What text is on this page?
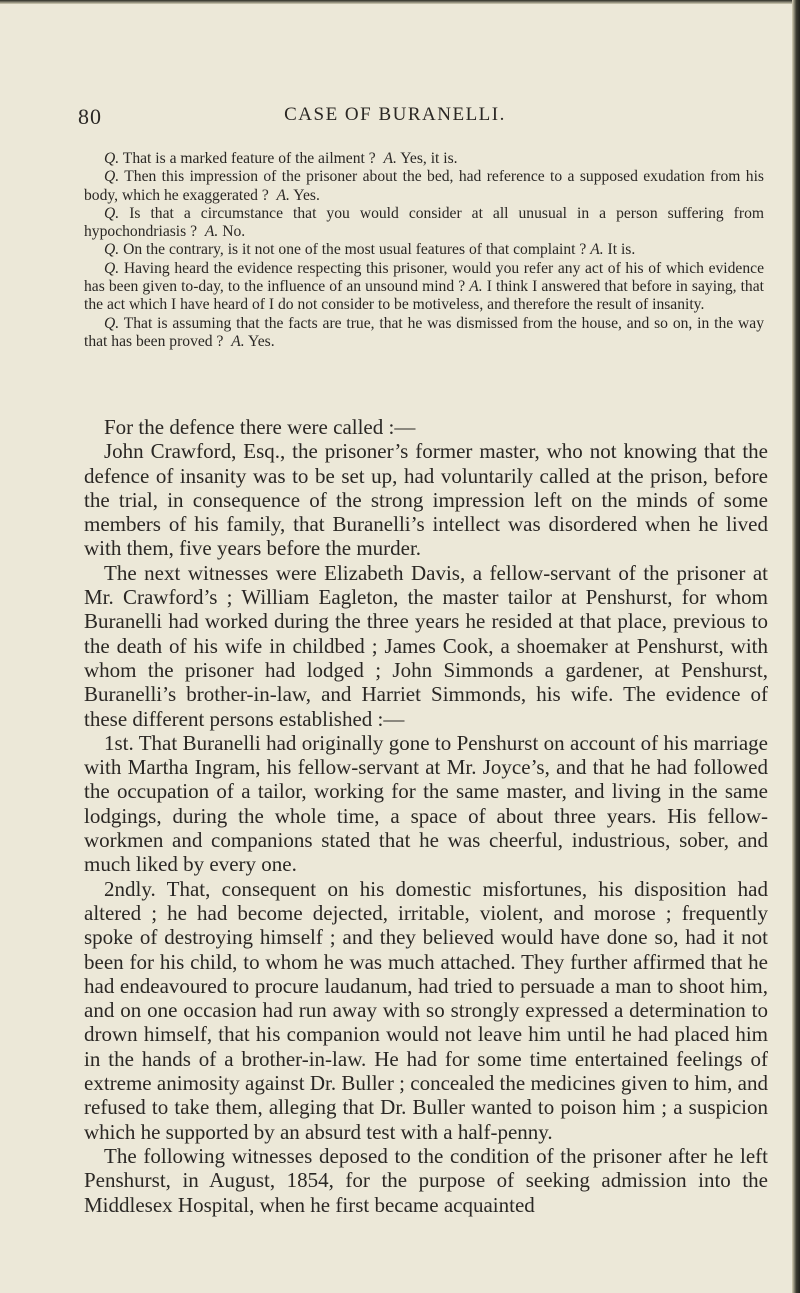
80	CASE OF BURANELLI.

Q. That is a marked feature of the ailment ? A. Yes, it is.

Q. Then this impression of the prisoner about the bed, had reference to a supposed exudation from his body, which he exaggerated ? A. Yes.

Q. Is that a circumstance that you would consider at all unusual in a person suffering from hypochondriasis ? A. No.

Q. On the contrary, is it not one of the most usual features of that complaint ? A. It is.

Q. Having heard the evidence respecting this prisoner, would you refer any act of his of which evidence has been given to-day, to the influence of an unsound mind ? A. I think I answered that before in saying, that the act which I have heard of I do not consider to be motiveless, and therefore the result of insanity.

Q. That is assuming that the facts are true, that he was dismissed from the house, and so on, in the way that has been proved ? A. Yes.

For the defence there were called :—

John Crawford, Esq., the prisoner’s former master, who not knowing that the defence of insanity was to be set up, had voluntarily called at the prison, before the trial, in consequence of the strong impression left on the minds of some members of his family, that Buranelli’s intellect was disordered when he lived with them, five years before the murder.

The next witnesses were Elizabeth Davis, a fellow-servant of the prisoner at Mr. Crawford’s ; William Eagleton, the master tailor at Penshurst, for whom Buranelli had worked during the three years he resided at that place, previous to the death of his wife in childbed ; James Cook, a shoemaker at Penshurst, with whom the prisoner had lodged ; John Simmonds a gardener, at Penshurst, Buranelli’s brother-in-law, and Harriet Simmonds, his wife. The evidence of these different persons established :—

1st. That Buranelli had originally gone to Penshurst on account of his marriage with Martha Ingram, his fellow-servant at Mr. Joyce’s, and that he had followed the occupation of a tailor, working for the same master, and living in the same lodgings, during the whole time, a space of about three years. His fellow-workmen and companions stated that he was cheerful, industrious, sober, and much liked by every one.

2ndly. That, consequent on his domestic misfortunes, his disposition had altered ; he had become dejected, irritable, violent, and morose ; frequently spoke of destroying himself ; and they believed would have done so, had it not been for his child, to whom he was much attached. They further affirmed that he had endeavoured to procure laudanum, had tried to persuade a man to shoot him, and on one occasion had run away with so strongly expressed a determination to drown himself, that his companion would not leave him until he had placed him in the hands of a brother-in-law. He had for some time entertained feelings of extreme animosity against Dr. Buller ; concealed the medicines given to him, and refused to take them, alleging that Dr. Buller wanted to poison him ; a suspicion which he supported by an absurd test with a half-penny.

The following witnesses deposed to the condition of the prisoner after he left Penshurst, in August, 1854, for the purpose of seeking admission into the Middlesex Hospital, when he first became acquainted
